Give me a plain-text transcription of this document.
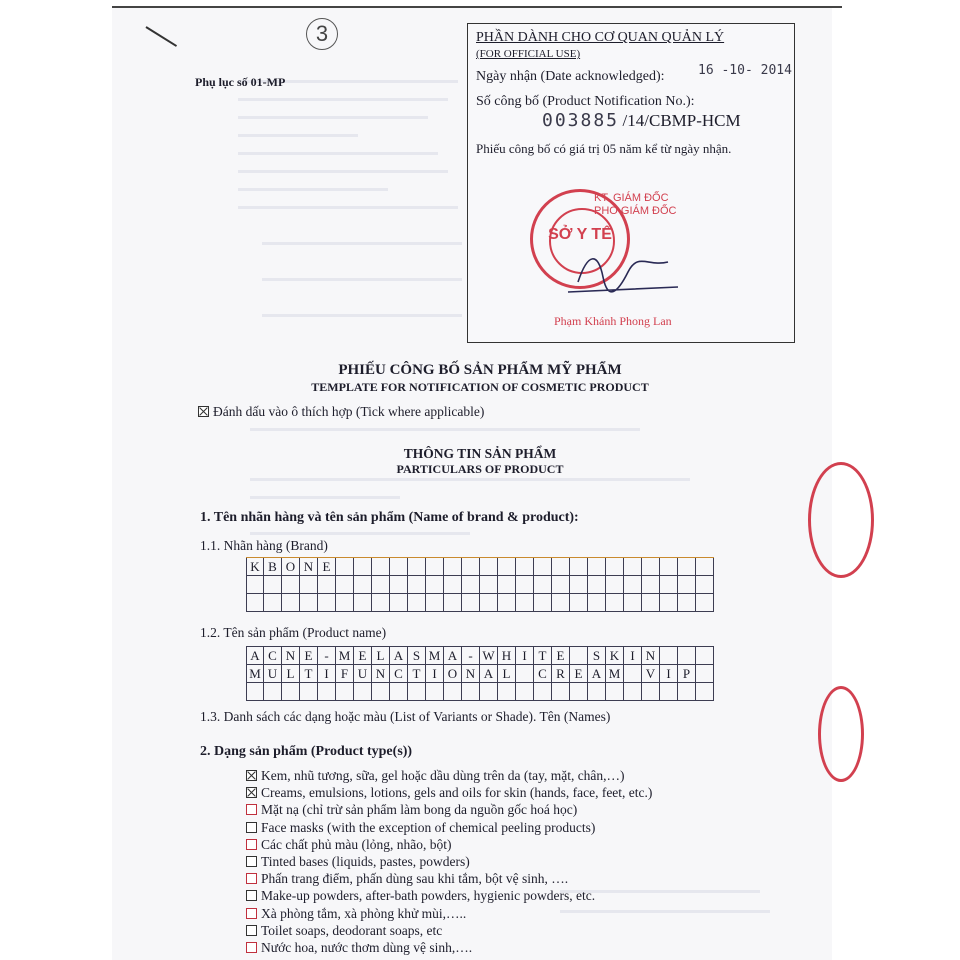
3
Phụ lục số 01-MP
PHẦN DÀNH CHO CƠ QUAN QUẢN LÝ
(FOR OFFICIAL USE)
Ngày nhận (Date acknowledged):	16 -10- 2014
Số công bố (Product Notification No.):
003885 /14/CBMP-HCM
Phiếu công bố có giá trị 05 năm kể từ ngày nhận.
SỞ Y TẾ
KT. GIÁM ĐỐC
PHÓ GIÁM ĐỐC
Phạm Khánh Phong Lan
PHIẾU CÔNG BỐ SẢN PHẨM MỸ PHẨM
TEMPLATE FOR NOTIFICATION OF COSMETIC PRODUCT
Đánh dấu vào ô thích hợp (Tick where applicable)
THÔNG TIN SẢN PHẨM
PARTICULARS OF PRODUCT
1. Tên nhãn hàng và tên sản phẩm (Name of brand & product):
1.1. Nhãn hàng (Brand)
K B O N E
1.2. Tên sản phẩm (Product name)
A C N E - M E L A S M A - W H I T E	S K I N
M U L T I F U N C T I O N A L	C R E A M V I P
1.3. Danh sách các dạng hoặc màu (List of Variants or Shade). Tên (Names)
2. Dạng sản phẩm (Product type(s))
Kem, nhũ tương, sữa, gel hoặc dầu dùng trên da (tay, mặt, chân,…)
Creams, emulsions, lotions, gels and oils for skin (hands, face, feet, etc.)
Mặt nạ (chỉ trừ sản phẩm làm bong da nguồn gốc hoá học)
Face masks (with the exception of chemical peeling products)
Các chất phủ màu (lỏng, nhão, bột)
Tinted bases (liquids, pastes, powders)
Phấn trang điểm, phấn dùng sau khi tắm, bột vệ sinh, ….
Make-up powders, after-bath powders, hygienic powders, etc.
Xà phòng tắm, xà phòng khử mùi,…..
Toilet soaps, deodorant soaps, etc
Nước hoa, nước thơm dùng vệ sinh,….
